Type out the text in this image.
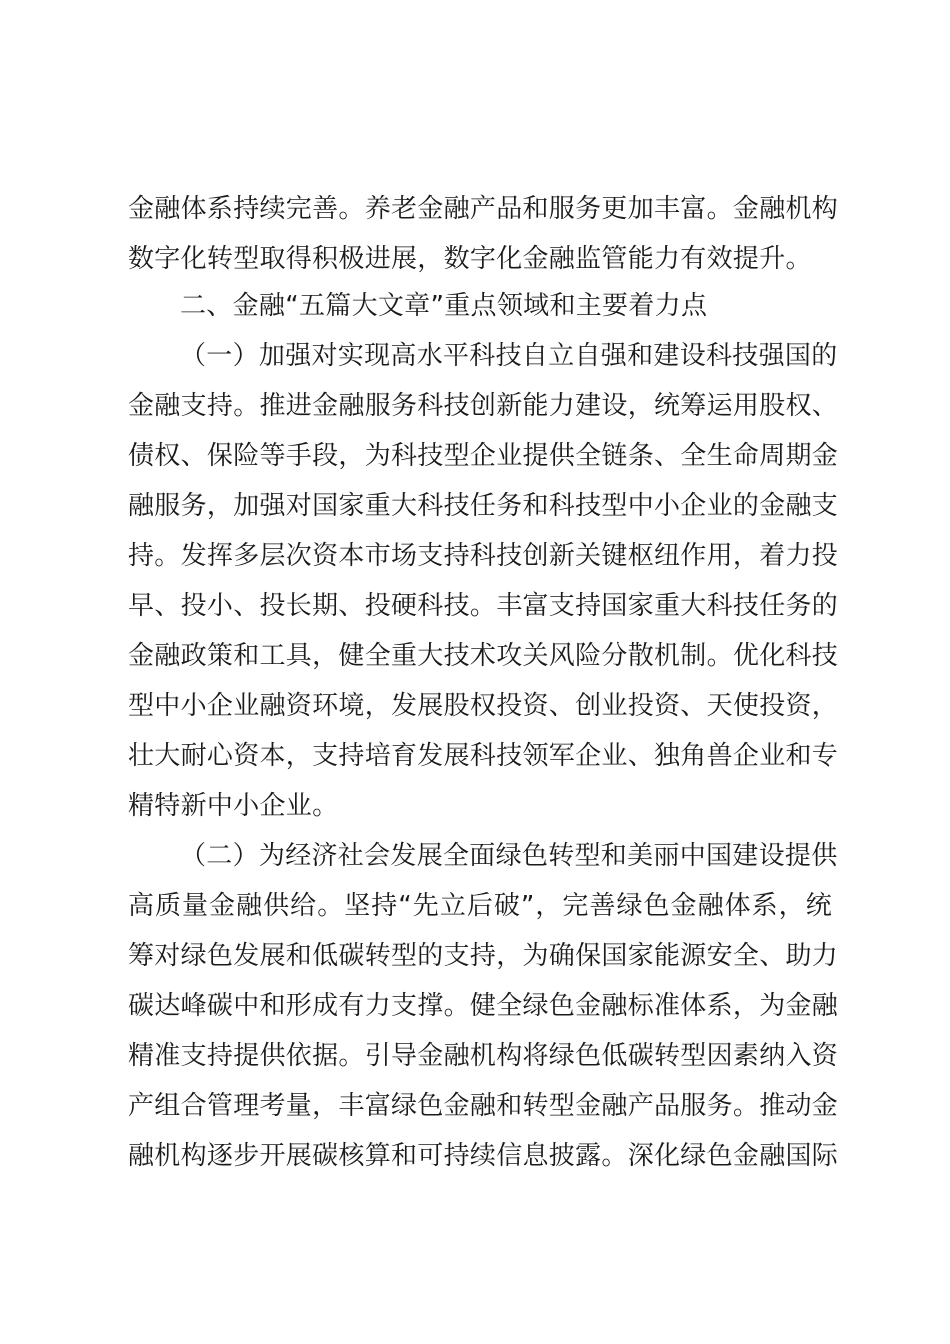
金融体系持续完善。养老金融产品和服务更加丰富。金融机构
数字化转型取得积极进展，数字化金融监管能力有效提升。
二、金融“五篇大文章”重点领域和主要着力点
（一）加强对实现高水平科技自立自强和建设科技强国的
金融支持。推进金融服务科技创新能力建设，统筹运用股权、
债权、保险等手段，为科技型企业提供全链条、全生命周期金
融服务，加强对国家重大科技任务和科技型中小企业的金融支
持。发挥多层次资本市场支持科技创新关键枢纽作用，着力投
早、投小、投长期、投硬科技。丰富支持国家重大科技任务的
金融政策和工具，健全重大技术攻关风险分散机制。优化科技
型中小企业融资环境，发展股权投资、创业投资、天使投资，
壮大耐心资本，支持培育发展科技领军企业、独角兽企业和专
精特新中小企业。
（二）为经济社会发展全面绿色转型和美丽中国建设提供
高质量金融供给。坚持“先立后破”，完善绿色金融体系，统
筹对绿色发展和低碳转型的支持，为确保国家能源安全、助力
碳达峰碳中和形成有力支撑。健全绿色金融标准体系，为金融
精准支持提供依据。引导金融机构将绿色低碳转型因素纳入资
产组合管理考量，丰富绿色金融和转型金融产品服务。推动金
融机构逐步开展碳核算和可持续信息披露。深化绿色金融国际
